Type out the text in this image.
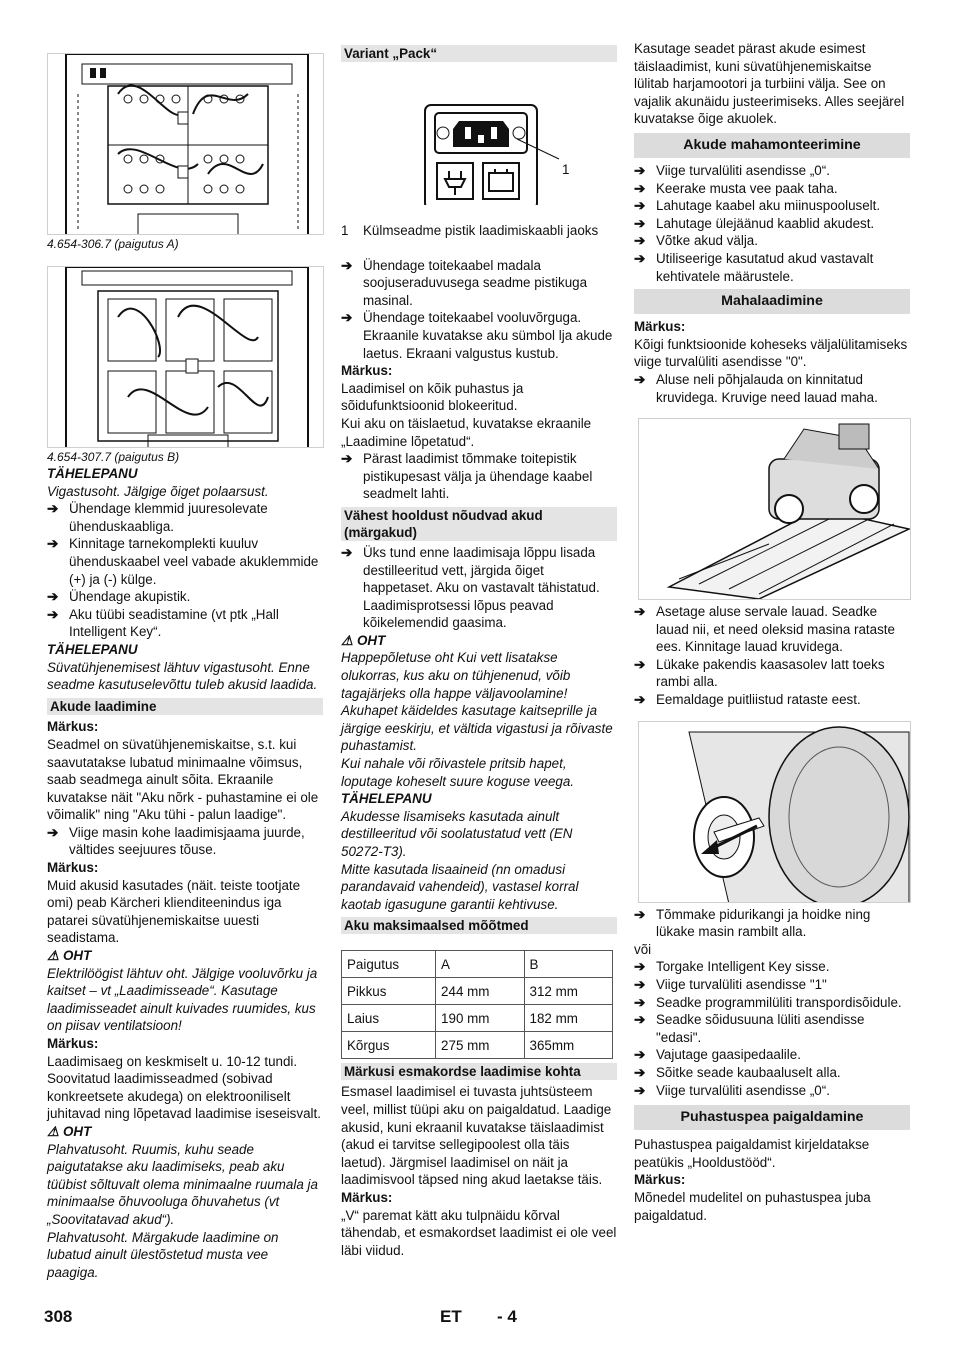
4.654-306.7 (paigutus A)

4.654-307.7 (paigutus B)

TÄHELEPANU

Vigastusoht. Jälgige õiget polaarsust.

➔ Ühendage klemmid juuresolevate ühenduskaabliga.
➔ Kinnitage tarnekomplekti kuuluv ühenduskaabel veel vabade akuklemmide (+) ja (-) külge.
➔ Ühendage akupistik.
➔ Aku tüübi seadistamine (vt ptk „Hall Intelligent Key“.

TÄHELEPANU

Süvatühjenemisest lähtuv vigastusoht. Enne seadme kasutuselevõttu tuleb akusid laadida.

Akude laadimine

Märkus:

Seadmel on süvatühjenemiskaitse, s.t. kui saavutatakse lubatud minimaalne võimsus, saab seadmega ainult sõita. Ekraanile kuvatakse näit "Aku nõrk - puhastamine ei ole võimalik" ning "Aku tühi - palun laadige".

➔ Viige masin kohe laadimisjaama juurde, vältides seejuures tõuse.

Märkus:

Muid akusid kasutades (näit. teiste tootjate omi) peab Kärcheri klienditeenindus iga patarei süvatühjenemiskaitse uuesti seadistama.

⚠ OHT

Elektrilöögist lähtuv oht. Jälgige vooluvõrku ja kaitset – vt „Laadimisseade“. Kasutage laadimisseadet ainult kuivades ruumides, kus on piisav ventilatsioon!

Märkus:

Laadimisaeg on keskmiselt u. 10-12 tundi. Soovitatud laadimisseadmed (sobivad konkreetsete akudega) on elektrooniliselt juhitavad ning lõpetavad laadimise iseseisvalt.

⚠ OHT

Plahvatusoht. Ruumis, kuhu seade paigutatakse aku laadimiseks, peab aku tüübist sõltuvalt olema minimaalne ruumala ja minimaalse õhuvooluga õhuvahetus (vt „Soovitatavad akud“).

Plahvatusoht. Märgakude laadimine on lubatud ainult ülestõstetud musta vee paagiga.

Variant „Pack“
1
1 Külmseadme pistik laadimiskaabli jaoks
➔ Ühendage toitekaabel madala soojuseraduvusega seadme pistikuga masinal.
➔ Ühendage toitekaabel vooluvõrguga. Ekraanile kuvatakse aku sümbol lja akude laetus. Ekraani valgustus kustub.

Märkus:

Laadimisel on kõik puhastus ja sõidufunktsioonid blokeeritud.

Kui aku on täislaetud, kuvatakse ekraanile „Laadimine lõpetatud“.

➔ Pärast laadimist tõmmake toitepistik pistikupesast välja ja ühendage kaabel seadmelt lahti.
Vähest hooldust nõudvad akud (märgakud)
➔ Üks tund enne laadimisaja lõppu lisada destilleeritud vett, järgida õiget happetaset. Aku on vastavalt tähistatud. Laadimisprotsessi lõpus peavad kõikelemendid gaasima.

⚠ OHT

Happepõletuse oht Kui vett lisatakse olukorras, kus aku on tühjenenud, võib tagajärjeks olla happe väljavoolamine!

Akuhapet käideldes kasutage kaitseprille ja järgige eeskirju, et vältida vigastusi ja rõivaste puhastamist.

Kui nahale või rõivastele pritsib hapet, loputage koheselt suure koguse veega.

TÄHELEPANU

Akudesse lisamiseks kasutada ainult destilleeritud või soolatustatud vett (EN 50272-T3).

Mitte kasutada lisaaineid (nn omadusi parandavaid vahendeid), vastasel korral kaotab igasugune garantii kehtivuse.

Aku maksimaalsed mõõtmed
Paigutus	A	B
Pikkus	244 mm	312 mm
Laius	190 mm	182 mm
Kõrgus	275 mm	365mm
Märkusi esmakordse laadimise kohta

Esmasel laadimisel ei tuvasta juhtsüsteem veel, millist tüüpi aku on paigaldatud. Laadige akusid, kuni ekraanil kuvatakse täislaadimist (akud ei tarvitse sellegipoolest olla täis laetud). Järgmisel laadimisel on näit ja laadimisvool täpsed ning akud laetakse täis.

Märkus:

„V“ paremat kätt aku tulpnäidu kõrval tähendab, et esmakordset laadimist ei ole veel läbi viidud.

Kasutage seadet pärast akude esimest täislaadimist, kuni süvatühjenemiskaitse lülitab harjamootori ja turbiini välja. See on vajalik akunäidu justeerimiseks. Alles seejärel kuvatakse õige akuolek.

Akude mahamonteerimine
➔ Viige turvalüliti asendisse „0“.
➔ Keerake musta vee paak taha.
➔ Lahutage kaabel aku miinuspooluselt.
➔ Lahutage ülejäänud kaablid akudest.
➔ Võtke akud välja.
➔ Utiliseerige kasutatud akud vastavalt kehtivatele määrustele.
Mahalaadimine

Märkus:

Kõigi funktsioonide koheseks väljalülitamiseks viige turvalüliti asendisse "0".

➔ Aluse neli põhjalauda on kinnitatud kruvidega. Kruvige need lauad maha.
➔ Asetage aluse servale lauad. Seadke lauad nii, et need oleksid masina rataste ees. Kinnitage lauad kruvidega.
➔ Lükake pakendis kaasasolev latt toeks rambi alla.
➔ Eemaldage puitliistud rataste eest.
➔ Tõmmake pidurikangi ja hoidke ning lükake masin rambilt alla.

või

➔ Torgake Intelligent Key sisse.
➔ Viige turvalüliti asendisse "1"
➔ Seadke programmilüliti transpordisõidule.
➔ Seadke sõidusuuna lüliti asendisse "edasi".
➔ Vajutage gaasipedaalile.
➔ Sõitke seade kaubaaluselt alla.
➔ Viige turvalüliti asendisse „0“.
Puhastuspea paigaldamine

Puhastuspea paigaldamist kirjeldatakse peatükis „Hooldustööd“.

Märkus:

Mõnedel mudelitel on puhastuspea juba paigaldatud.

308	ET - 4
